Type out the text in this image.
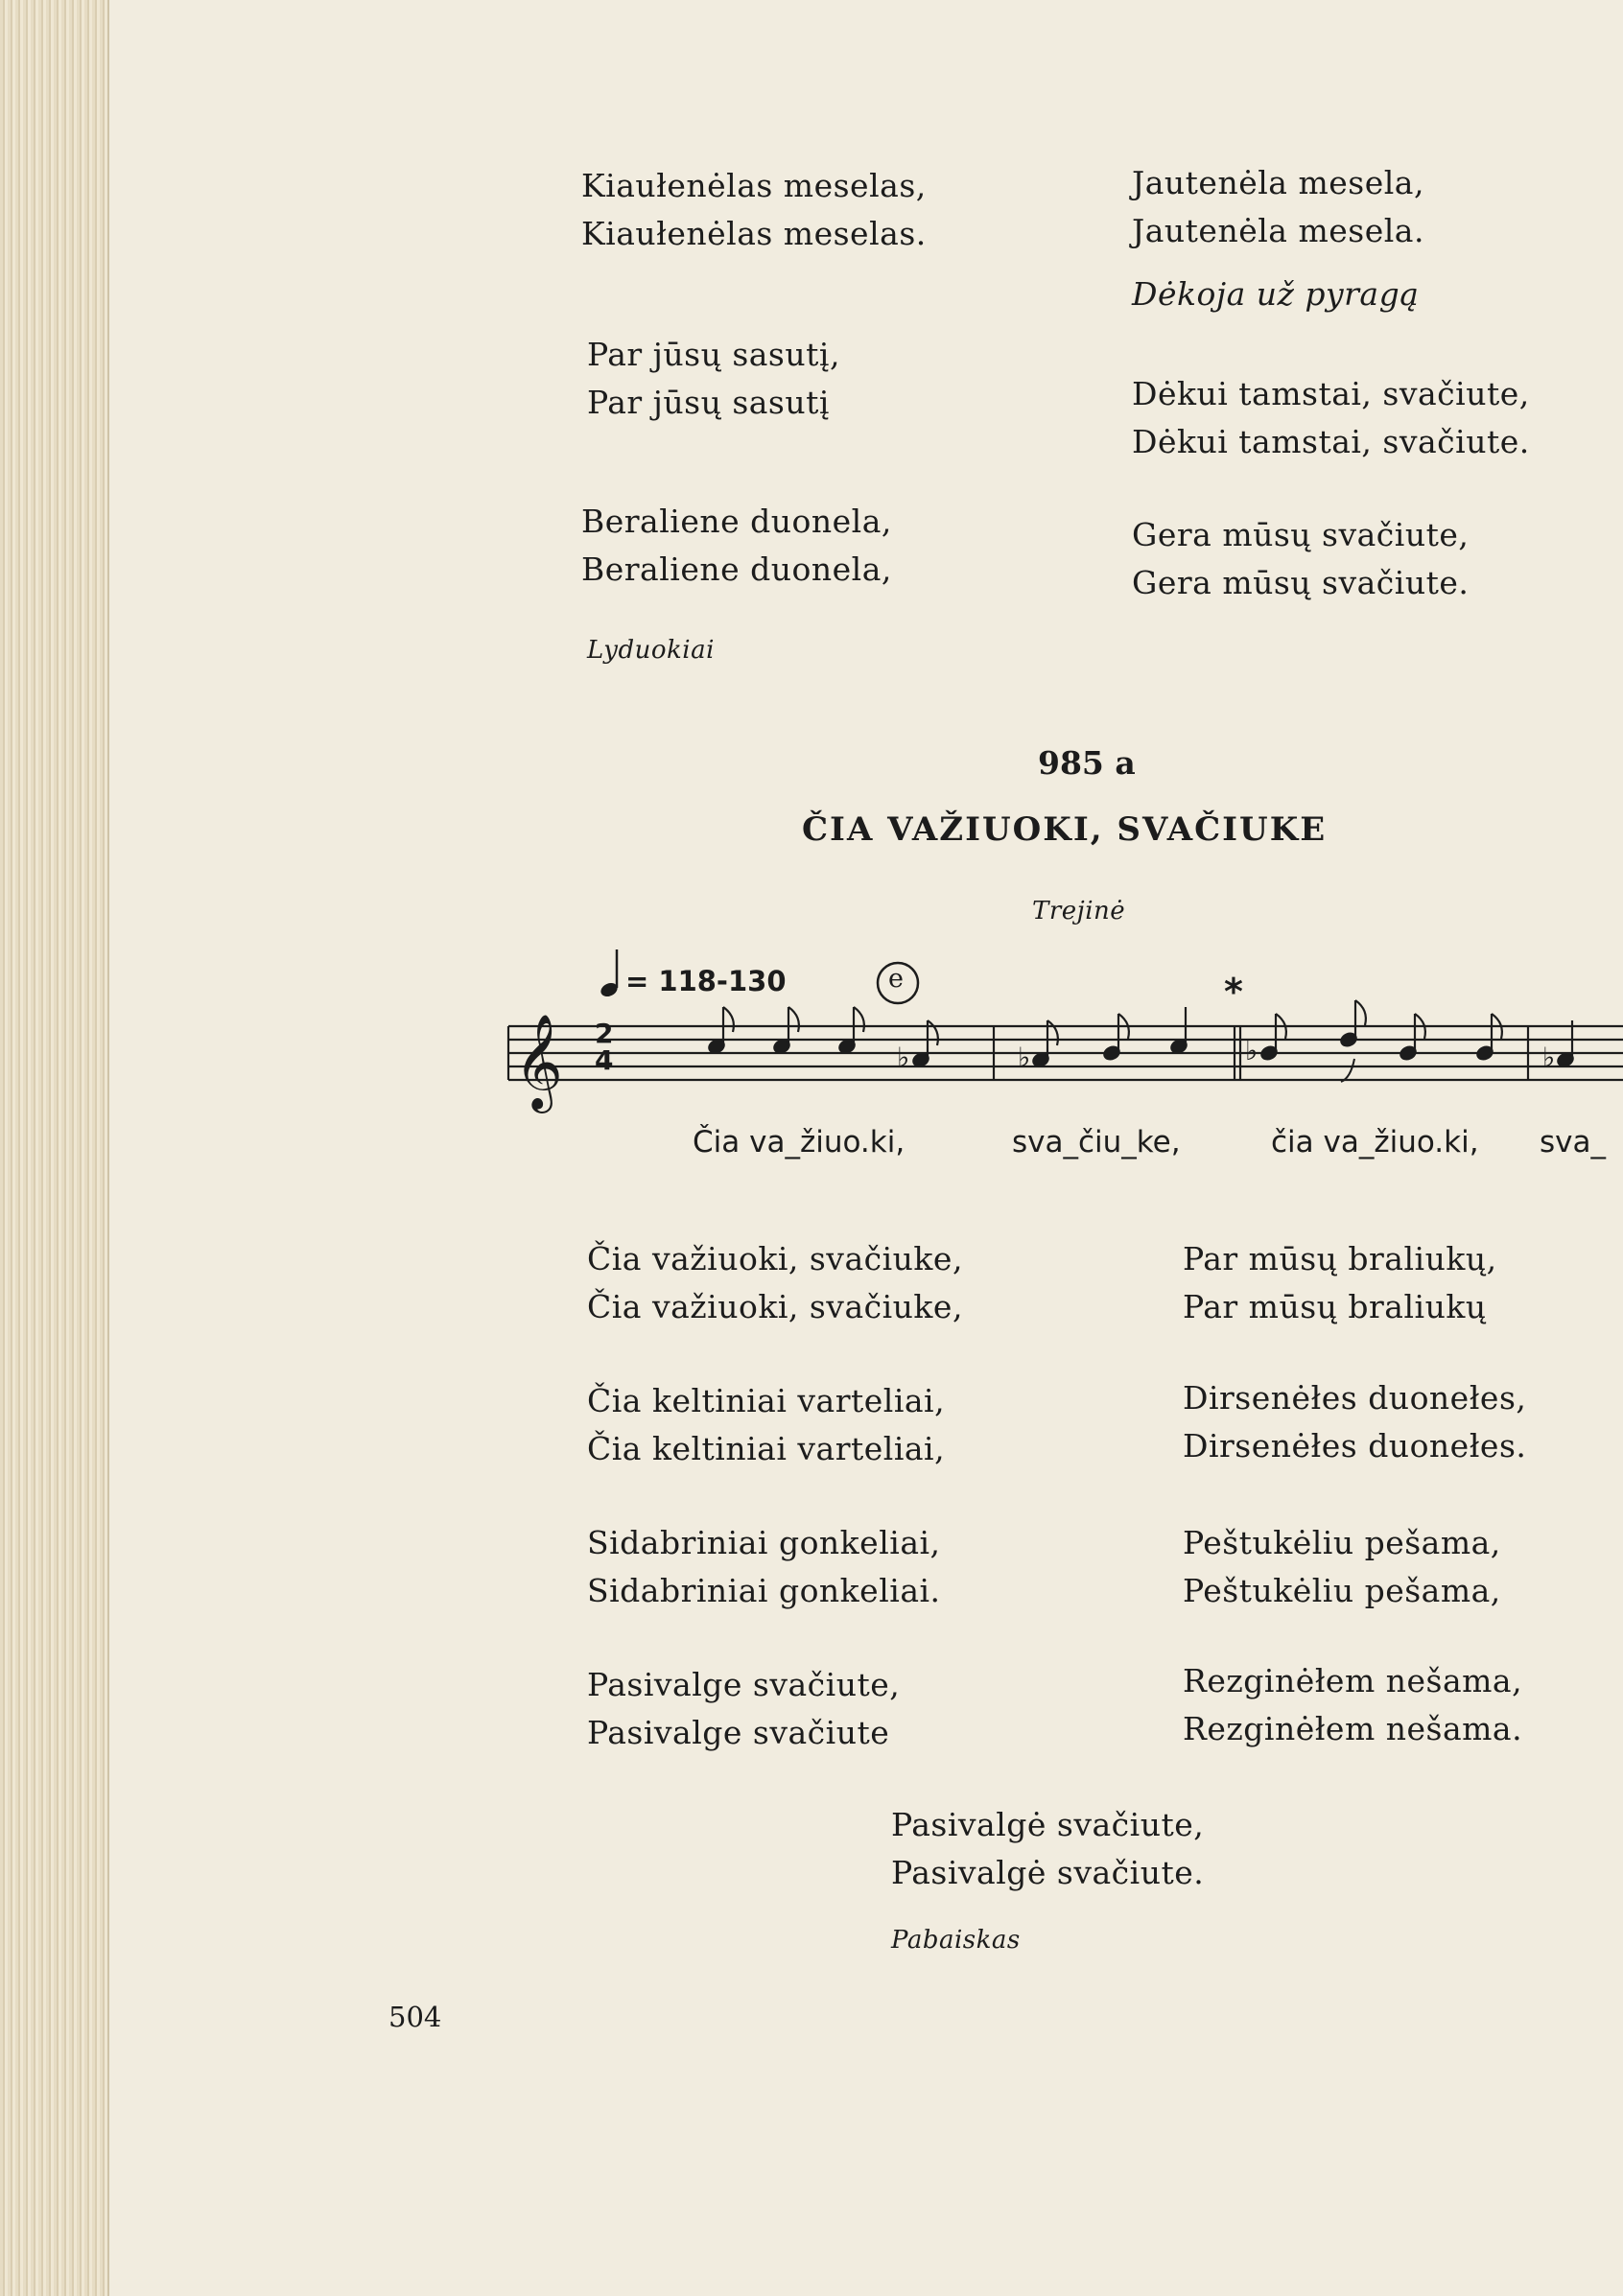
Kiaułenėlas meselas,
Kiaułenėlas meselas.
Par jūsų sasutį,
Par jūsų sasutį
Beraliene duonela,
Beraliene duonela,
Lyduokiai
Jautenėla mesela,
Jautenėla mesela.
Dėkoja už pyragą
Dėkui tamstai, svačiute,
Dėkui tamstai, svačiute.
Gera mūsų svačiute,
Gera mūsų svačiute.
985 a
ČIA VAŽIUOKI, SVAČIUKE
Trejinė
𝄞	♭	♭	♭	♭
= 118-130	e	*
2
4
Čia va_žiuo.ki,	sva_čiu_ke,	čia va_žiuo.ki, sva_
Čia važiuoki, svačiuke,
Čia važiuoki, svačiuke,
Čia keltiniai varteliai,
Čia keltiniai varteliai,
Sidabriniai gonkeliai,
Sidabriniai gonkeliai.
Pasivalge svačiute,
Pasivalge svačiute
Par mūsų braliukų,
Par mūsų braliukų
Dirsenėłes duonełes,
Dirsenėłes duonełes.
Peštukėliu pešama,
Peštukėliu pešama,
Rezginėłem nešama,
Rezginėłem nešama.
Pasivalgė svačiute,
Pasivalgė svačiute.
Pabaiskas
504
